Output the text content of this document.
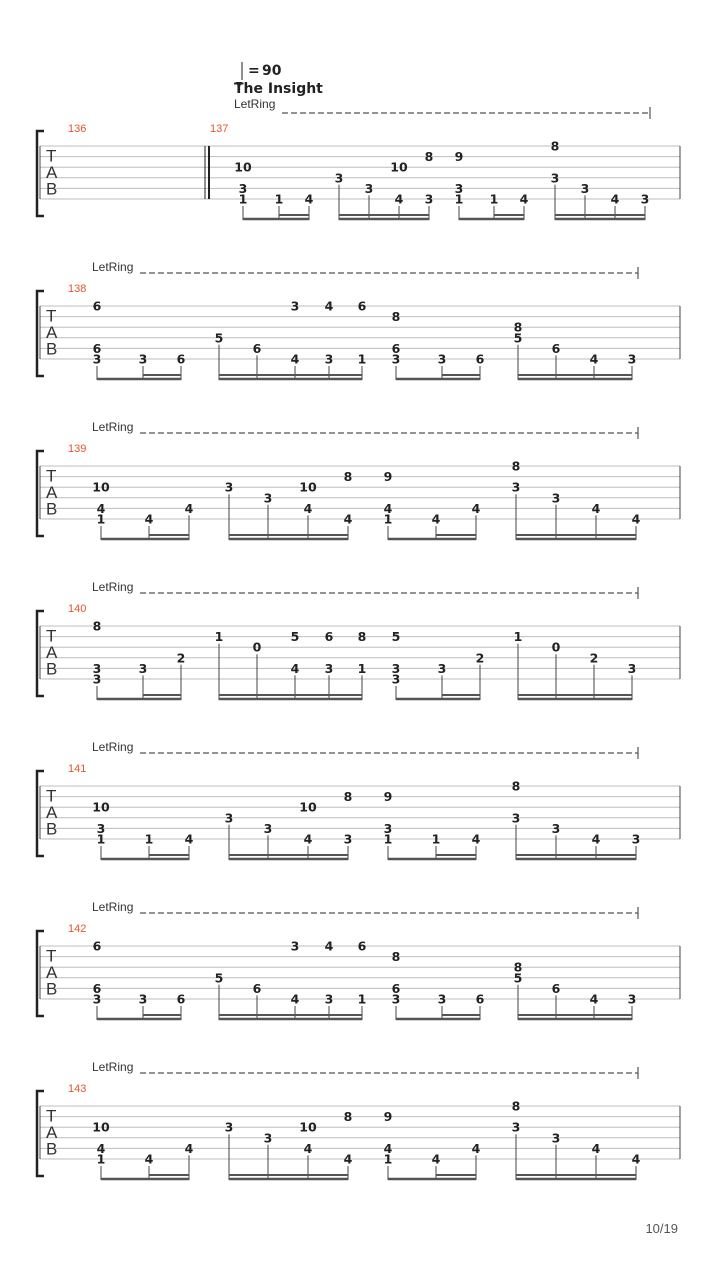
= 90
The Insight
LetRing
T
A
B
136	137
10
3
1 1 4
3
3
10
4
8
3
9
3
1 1 4
8
3
3
4 3
LetRing
T
A
B
138
6
6
3	3 6
5
6
3
4
4
3
6
1
8
6
3	3 6
8
5
6
4 3
LetRing
T
A
B
139
10
4
1	4
4
3
3
10
4
8
4
9
4
1	4
4
8
3
3
4
4
LetRing
T
A
B
140
8
3
3
3
2
1
0
5
4
6
3
8
1
5
3
3
3
2
1
0
2
3
LetRing
T
A
B
141
10
3
1	1	4
3
3
10
4
8
3
9
3
1	1	4
8
3
3
4	3
LetRing
T
A
B
142
6
6
3	3 6
5
6
3
4
4
3
6
1
8
6
3	3 6
8
5
6
4 3
LetRing
T
A
B
143
10
4
1	4
4
3
3
10
4
8
4
9
4
1	4
4
8
3
3
4
4
10/19
